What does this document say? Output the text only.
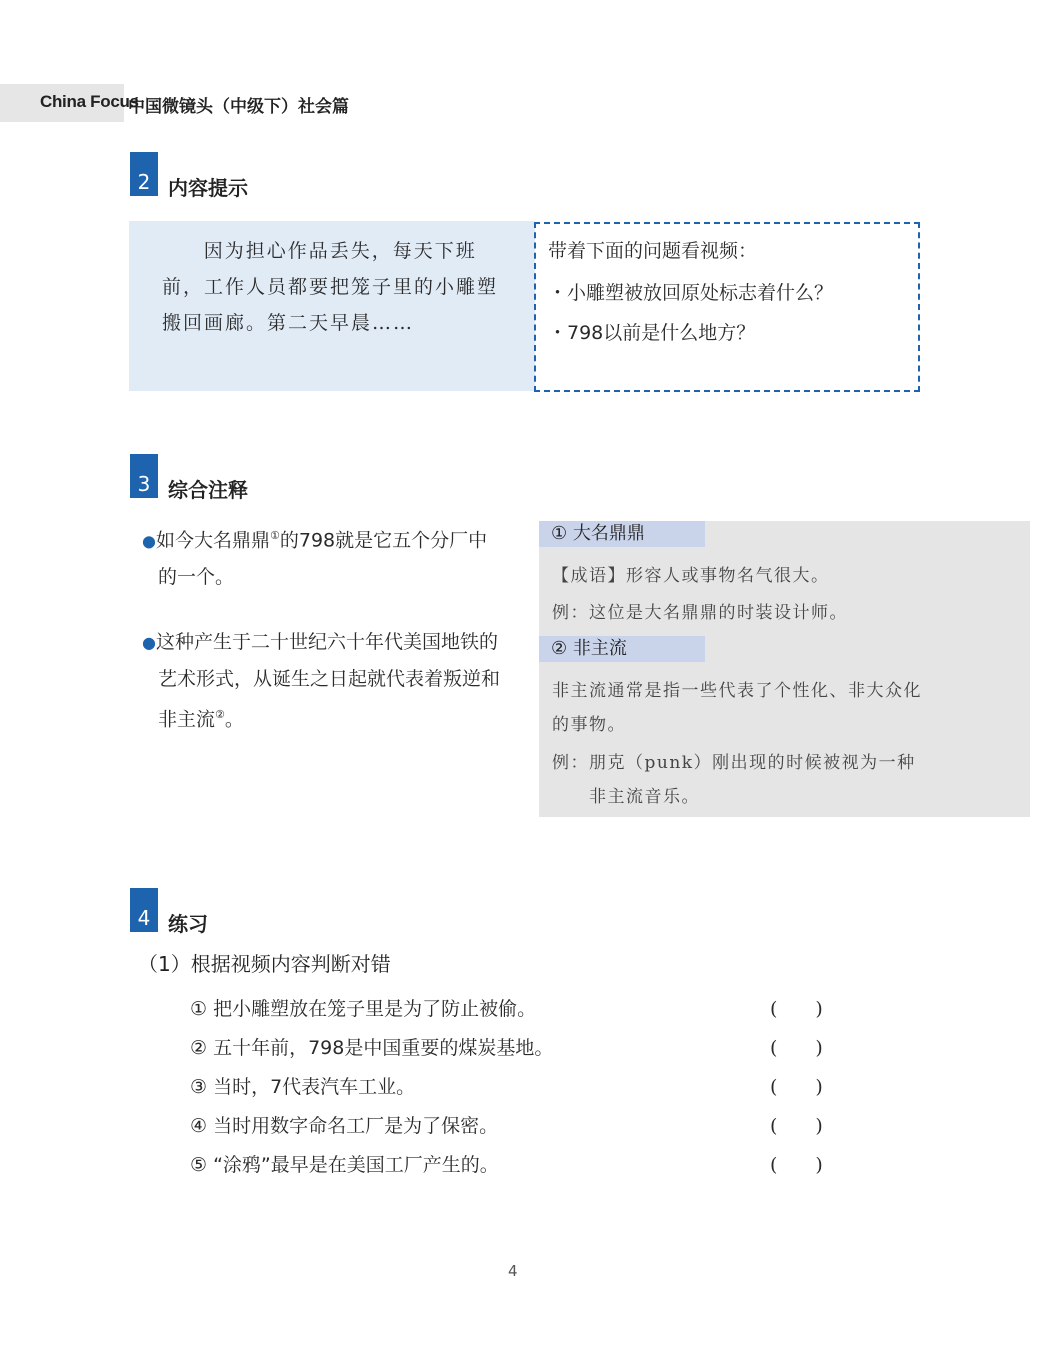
China Focus
中国微镜头（中级下）社会篇
2 内容提示
因为担心作品丢失，每天下班前，工作人员都要把笼子里的小雕塑搬回画廊。第二天早晨……
带着下面的问题看视频：
・小雕塑被放回原处标志着什么？
・798以前是什么地方？
3 综合注释
●如今大名鼎鼎①的798就是它五个分厂中的一个。
●这种产生于二十世纪六十年代美国地铁的艺术形式，从诞生之日起就代表着叛逆和非主流②。
① 大名鼎鼎
【成语】形容人或事物名气很大。
例：这位是大名鼎鼎的时装设计师。
② 非主流
非主流通常是指一些代表了个性化、非大众化的事物。
例： 朋克（punk）刚出现的时候被视为一种非主流音乐。
4 练习
（1）根据视频内容判断对错
① 把小雕塑放在笼子里是为了防止被偷。	(　　)
② 五十年前，798是中国重要的煤炭基地。	(　　)
③ 当时，7代表汽车工业。	(　　)
④ 当时用数字命名工厂是为了保密。	(　　)
⑤ “涂鸦”最早是在美国工厂产生的。	(　　)
4
